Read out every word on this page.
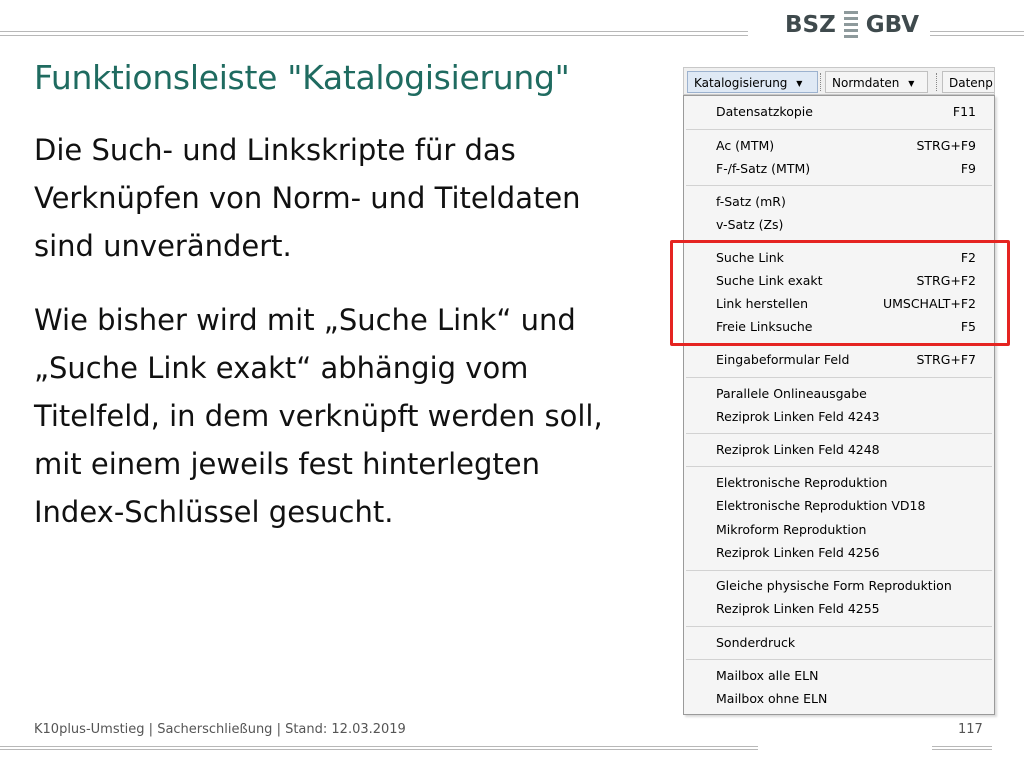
BSZ GBV
Funktionsleiste "Katalogisierung"
Die Such- und Linkskripte für das Verknüpfen von Norm- und Titeldaten sind unverändert.
Wie bisher wird mit „Suche Link“ und „Suche Link exakt“ abhängig vom Titelfeld, in dem verknüpft werden soll, mit einem jeweils fest hinterlegten Index-Schlüssel gesucht.
Katalogisierung ▼	Normdaten ▼	Datenp
Datensatzkopie	F11
Ac (MTM)	STRG+F9
F-/f-Satz (MTM)	F9
f-Satz (mR)
v-Satz (Zs)
Suche Link	F2
Suche Link exakt	STRG+F2
Link herstellen	UMSCHALT+F2
Freie Linksuche	F5
Eingabeformular Feld	STRG+F7
Parallele Onlineausgabe
Reziprok Linken Feld 4243
Reziprok Linken Feld 4248
Elektronische Reproduktion
Elektronische Reproduktion VD18
Mikroform Reproduktion
Reziprok Linken Feld 4256
Gleiche physische Form Reproduktion
Reziprok Linken Feld 4255
Sonderdruck
Mailbox alle ELN
Mailbox ohne ELN
K10plus-Umstieg | Sacherschließung | Stand: 12.03.2019	117
